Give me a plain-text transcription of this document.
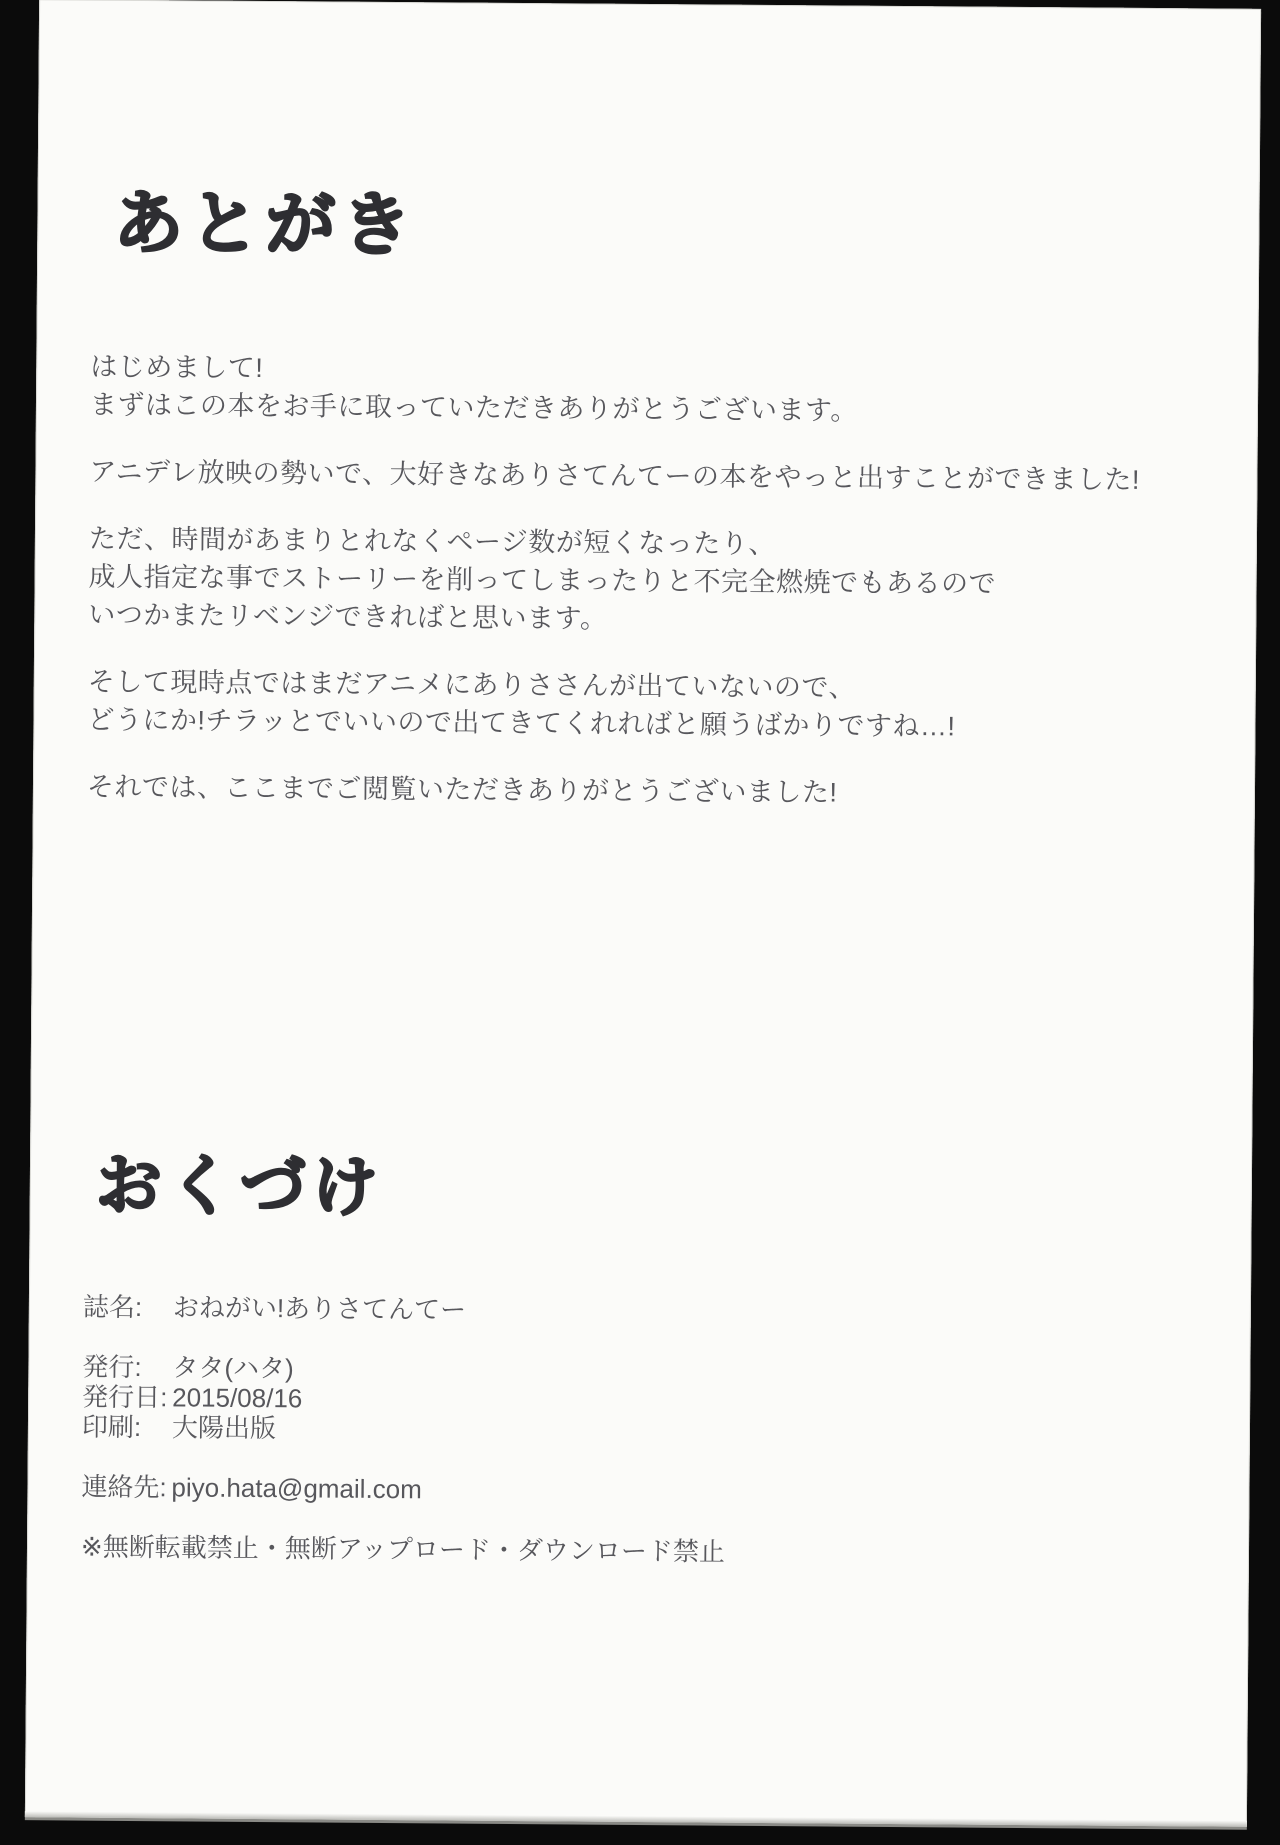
あとがき
はじめまして!
まずはこの本をお手に取っていただきありがとうございます。
アニデレ放映の勢いで、大好きなありさてんてーの本をやっと出すことができました!
ただ、時間があまりとれなくページ数が短くなったり、
成人指定な事でストーリーを削ってしまったりと不完全燃焼でもあるので
いつかまたリベンジできればと思います。
そして現時点ではまだアニメにありささんが出ていないので、
どうにか!チラッとでいいので出てきてくれればと願うばかりですね…!
それでは、ここまでご閲覧いただきありがとうございました!
おくづけ
誌名:	おねがい!ありさてんてー
発行:	タタ(ハタ)
発行日: 2015/08/16
印刷:	大陽出版
連絡先: piyo.hata@gmail.com
※無断転載禁止・無断アップロード・ダウンロード禁止
